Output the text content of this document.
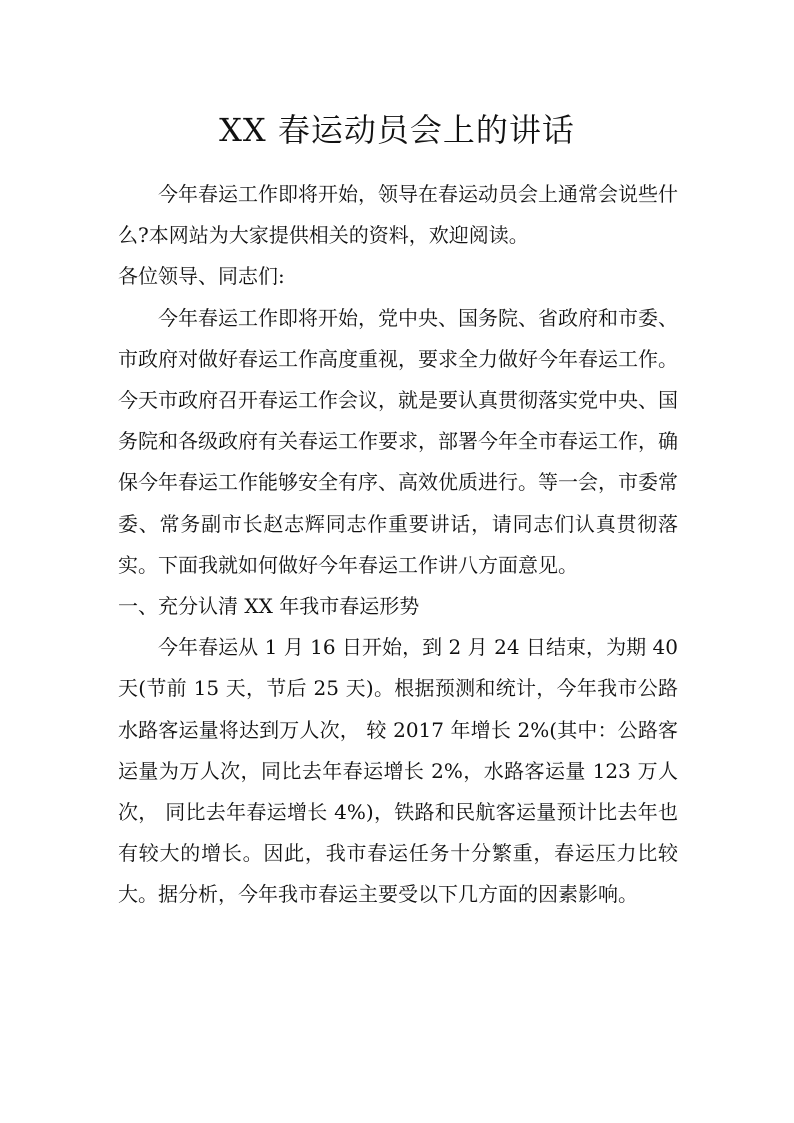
XX 春运动员会上的讲话

今年春运工作即将开始，领导在春运动员会上通常会说些什么?本网站为大家提供相关的资料，欢迎阅读。

各位领导、同志们:

今年春运工作即将开始，党中央、国务院、省政府和市委、市政府对做好春运工作高度重视，要求全力做好今年春运工作。今天市政府召开春运工作会议，就是要认真贯彻落实党中央、国务院和各级政府有关春运工作要求，部署今年全市春运工作，确保今年春运工作能够安全有序、高效优质进行。等一会，市委常委、常务副市长赵志辉同志作重要讲话，请同志们认真贯彻落实。下面我就如何做好今年春运工作讲八方面意见。

一、充分认清 XX 年我市春运形势

今年春运从 1 月 16 日开始，到 2 月 24 日结束，为期 40 天(节前 15 天，节后 25 天)。根据预测和统计，今年我市公路水路客运量将达到万人次， 较 2017 年增长 2%(其中：公路客运量为万人次，同比去年春运增长 2%，水路客运量 123 万人次， 同比去年春运增长 4%)，铁路和民航客运量预计比去年也有较大的增长。因此，我市春运任务十分繁重，春运压力比较大。据分析，今年我市春运主要受以下几方面的因素影响。
